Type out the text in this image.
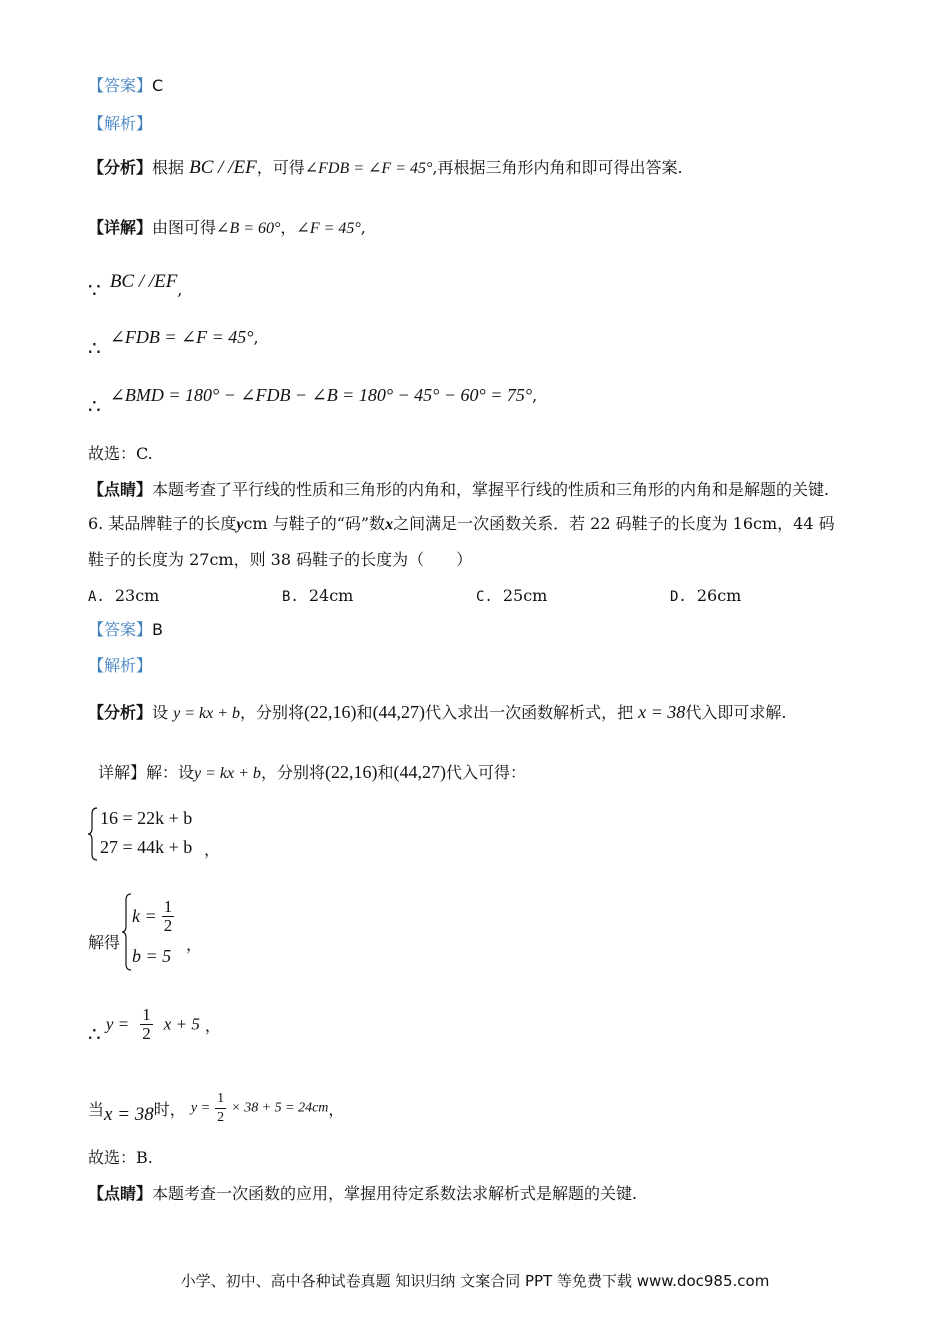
【答案】C
【解析】
【分析】根据 BC / /EF，可得∠FDB = ∠F = 45°,再根据三角形内角和即可得出答案.
【详解】由图可得∠B = 60°，∠F = 45°,
∵ BC / /EF,
∴ ∠FDB = ∠F = 45°,
∴ ∠BMD = 180° − ∠FDB − ∠B = 180° − 45° − 60° = 75°,
故选：C.
【点睛】本题考查了平行线的性质和三角形的内角和，掌握平行线的性质和三角形的内角和是解题的关键.
6. 某品牌鞋子的长度ycm 与鞋子的“码”数x之间满足一次函数关系．若 22 码鞋子的长度为 16cm，44 码
鞋子的长度为 27cm，则 38 码鞋子的长度为（　　）
A. 23cm	B. 24cm	C. 25cm	D. 26cm
【答案】B
【解析】
【分析】设 y = kx + b，分别将(22,16)和(44,27)代入求出一次函数解析式，把 x = 38代入即可求解.
详解】解：设y = kx + b，分别将(22,16)和(44,27)代入可得：
16 = 22k + b
27 = 44k + b ，
解得
$k = \frac{1}{2}$
b = 5
，
∴ $y = \frac{1}{2}$ x + 5 ，
当x = 38时， $y = \frac{1}{2} \times 38 + 5 = 24cm$，
故选：B.
【点睛】本题考查一次函数的应用，掌握用待定系数法求解析式是解题的关键.
小学、初中、高中各种试卷真题 知识归纳 文案合同 PPT 等免费下载 www.doc985.com
